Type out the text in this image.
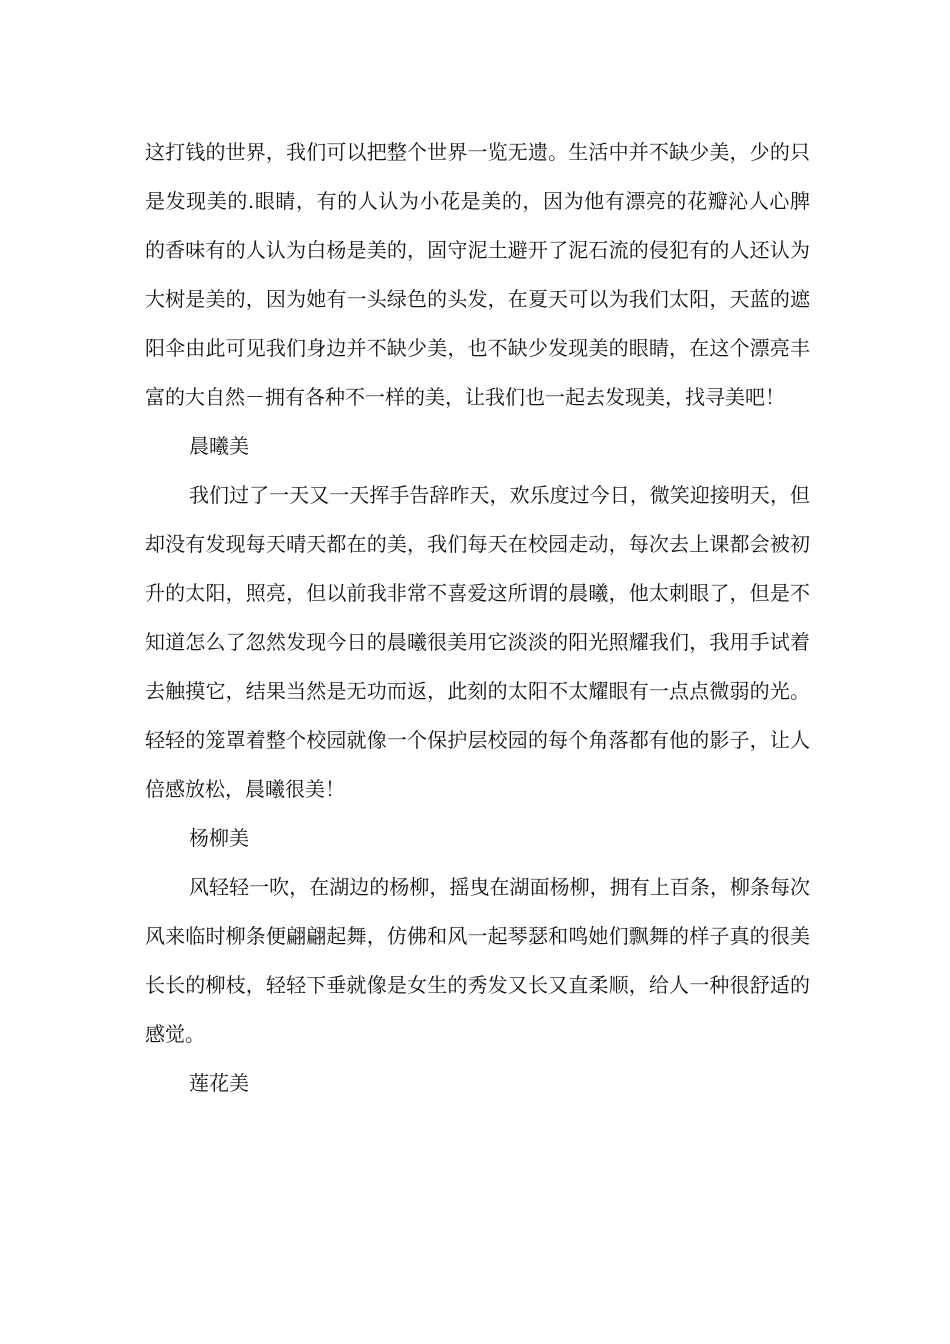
这打钱的世界，我们可以把整个世界一览无遗。生活中并不缺少美，少的只是发现美的.眼睛，有的人认为小花是美的，因为他有漂亮的花瓣沁人心脾的香味有的人认为白杨是美的，固守泥土避开了泥石流的侵犯有的人还认为大树是美的，因为她有一头绿色的头发，在夏天可以为我们太阳，天蓝的遮阳伞由此可见我们身边并不缺少美，也不缺少发现美的眼睛，在这个漂亮丰富的大自然－拥有各种不一样的美，让我们也一起去发现美，找寻美吧！

晨曦美

我们过了一天又一天挥手告辞昨天，欢乐度过今日，微笑迎接明天，但却没有发现每天晴天都在的美，我们每天在校园走动，每次去上课都会被初升的太阳，照亮，但以前我非常不喜爱这所谓的晨曦，他太刺眼了，但是不知道怎么了忽然发现今日的晨曦很美用它淡淡的阳光照耀我们，我用手试着去触摸它，结果当然是无功而返，此刻的太阳不太耀眼有一点点微弱的光。轻轻的笼罩着整个校园就像一个保护层校园的每个角落都有他的影子，让人倍感放松，晨曦很美！

杨柳美

风轻轻一吹，在湖边的杨柳，摇曳在湖面杨柳，拥有上百条，柳条每次风来临时柳条便翩翩起舞，仿佛和风一起琴瑟和鸣她们飘舞的样子真的很美长长的柳枝，轻轻下垂就像是女生的秀发又长又直柔顺，给人一种很舒适的感觉。

莲花美
